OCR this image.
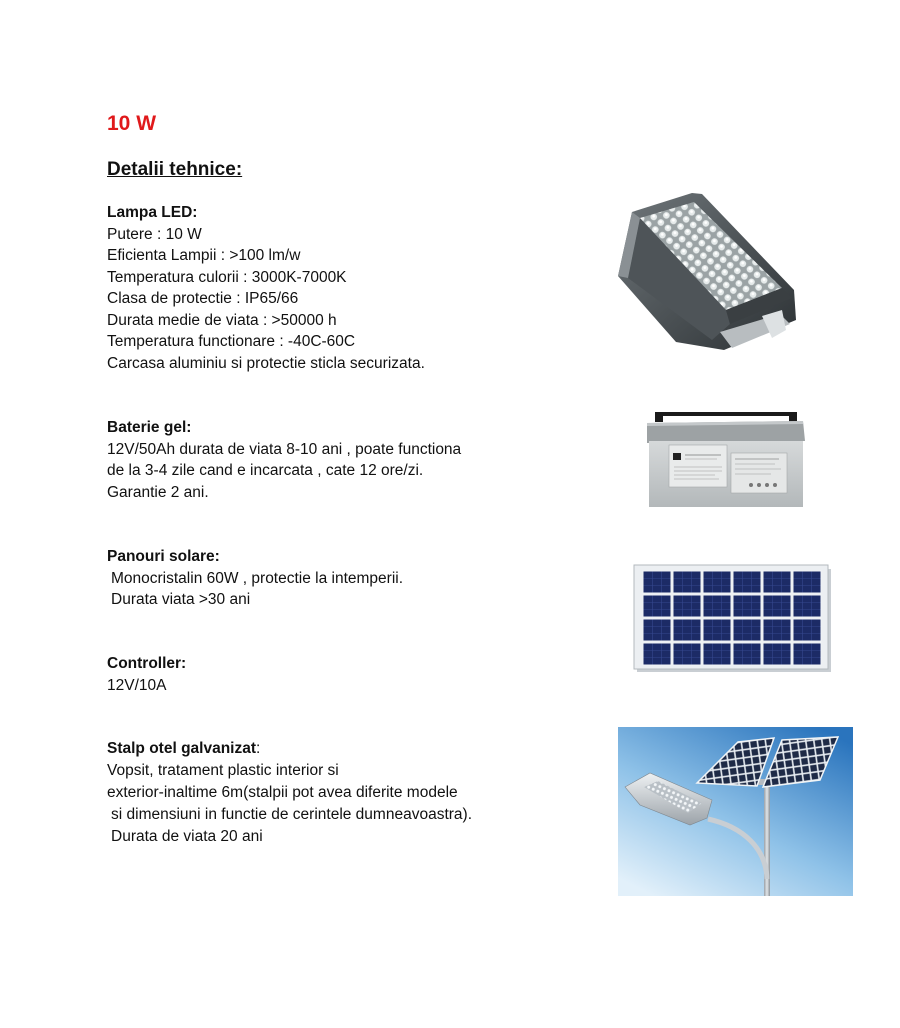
10 W
Detalii tehnice:
Lampa LED:
Putere : 10 W
Eficienta Lampii : >100 lm/w
Temperatura culorii : 3000K-7000K
Clasa de protectie : IP65/66
Durata medie de viata : >50000 h
Temperatura functionare : -40C-60C
Carcasa aluminiu si protectie sticla securizata.
Baterie gel:
12V/50Ah durata de viata 8-10 ani , poate functiona
de la 3-4 zile cand e incarcata , cate 12 ore/zi.
Garantie 2 ani.
Panouri solare:
Monocristalin 60W , protectie la intemperii.
Durata viata >30 ani
Controller:
12V/10A
Stalp otel galvanizat:
Vopsit, tratament plastic interior si
exterior-inaltime 6m(stalpii pot avea diferite modele
si dimensiuni in functie de cerintele dumneavoastra).
Durata de viata 20 ani
